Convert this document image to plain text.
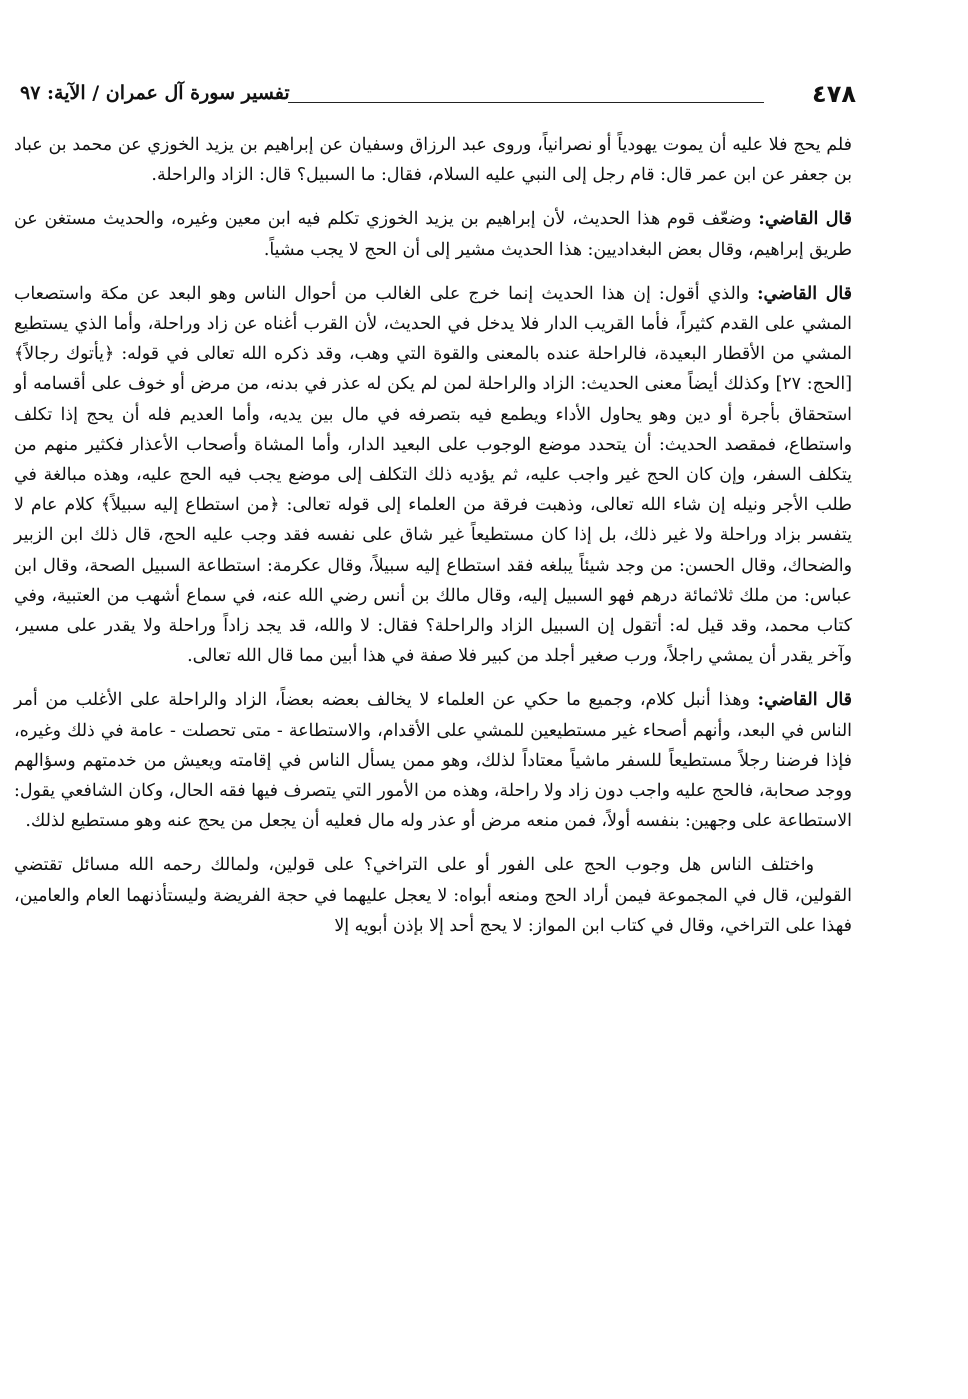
٤٧٨
تفسير سورة آل عمران / الآية: ٩٧

فلم يحج فلا عليه أن يموت يهودياً أو نصرانياً، وروى عبد الرزاق وسفيان عن إبراهيم بن يزيد الخوزي عن محمد بن عباد بن جعفر عن ابن عمر قال: قام رجل إلى النبي عليه السلام، فقال: ما السبيل؟ قال: الزاد والراحلة.

قال القاضي: وضعّف قوم هذا الحديث، لأن إبراهيم بن يزيد الخوزي تكلم فيه ابن معين وغيره، والحديث مستغن عن طريق إبراهيم، وقال بعض البغداديين: هذا الحديث مشير إلى أن الحج لا يجب مشياً.

قال القاضي: والذي أقول: إن هذا الحديث إنما خرج على الغالب من أحوال الناس وهو البعد عن مكة واستصعاب المشي على القدم كثيراً، فأما القريب الدار فلا يدخل في الحديث، لأن القرب أغناه عن زاد وراحلة، وأما الذي يستطيع المشي من الأقطار البعيدة، فالراحلة عنده بالمعنى والقوة التي وهب، وقد ذكره الله تعالى في قوله: ﴿يأتوك رجالاً﴾ [الحج: ٢٧] وكذلك أيضاً معنى الحديث: الزاد والراحلة لمن لم يكن له عذر في بدنه، من مرض أو خوف على أقسامه أو استحقاق بأجرة أو دين وهو يحاول الأداء ويطمع فيه بتصرفه في مال بين يديه، وأما العديم فله أن يحج إذا تكلف واستطاع، فمقصد الحديث: أن يتحدد موضع الوجوب على البعيد الدار، وأما المشاة وأصحاب الأعذار فكثير منهم من يتكلف السفر، وإن كان الحج غير واجب عليه، ثم يؤديه ذلك التكلف إلى موضع يجب فيه الحج عليه، وهذه مبالغة في طلب الأجر ونيله إن شاء الله تعالى، وذهبت فرقة من العلماء إلى قوله تعالى: ﴿من استطاع إليه سبيلاً﴾ كلام عام لا يتفسر بزاد وراحلة ولا غير ذلك، بل إذا كان مستطيعاً غير شاق على نفسه فقد وجب عليه الحج، قال ذلك ابن الزبير والضحاك، وقال الحسن: من وجد شيئاً يبلغه فقد استطاع إليه سبيلاً، وقال عكرمة: استطاعة السبيل الصحة، وقال ابن عباس: من ملك ثلاثمائة درهم فهو السبيل إليه، وقال مالك بن أنس رضي الله عنه، في سماع أشهب من العتبية، وفي كتاب محمد، وقد قيل له: أتقول إن السبيل الزاد والراحلة؟ فقال: لا والله، قد يجد زاداً وراحلة ولا يقدر على مسير، وآخر يقدر أن يمشي راجلاً، ورب صغير أجلد من كبير فلا صفة في هذا أبين مما قال الله تعالى.

قال القاضي: وهذا أنبل كلام، وجميع ما حكي عن العلماء لا يخالف بعضه بعضاً، الزاد والراحلة على الأغلب من أمر الناس في البعد، وأنهم أصحاء غير مستطيعين للمشي على الأقدام، والاستطاعة - متى تحصلت - عامة في ذلك وغيره، فإذا فرضنا رجلاً مستطيعاً للسفر ماشياً معتاداً لذلك، وهو ممن يسأل الناس في إقامته ويعيش من خدمتهم وسؤالهم ووجد صحابة، فالحج عليه واجب دون زاد ولا راحلة، وهذه من الأمور التي يتصرف فيها فقه الحال، وكان الشافعي يقول: الاستطاعة على وجهين: بنفسه أولاً، فمن منعه مرض أو عذر وله مال فعليه أن يجعل من يحج عنه وهو مستطيع لذلك.

واختلف الناس هل وجوب الحج على الفور أو على التراخي؟ على قولين، ولمالك رحمه الله مسائل تقتضي القولين، قال في المجموعة فيمن أراد الحج ومنعه أبواه: لا يعجل عليهما في حجة الفريضة وليستأذنهما العام والعامين، فهذا على التراخي، وقال في كتاب ابن المواز: لا يحج أحد إلا بإذن أبويه إلا
